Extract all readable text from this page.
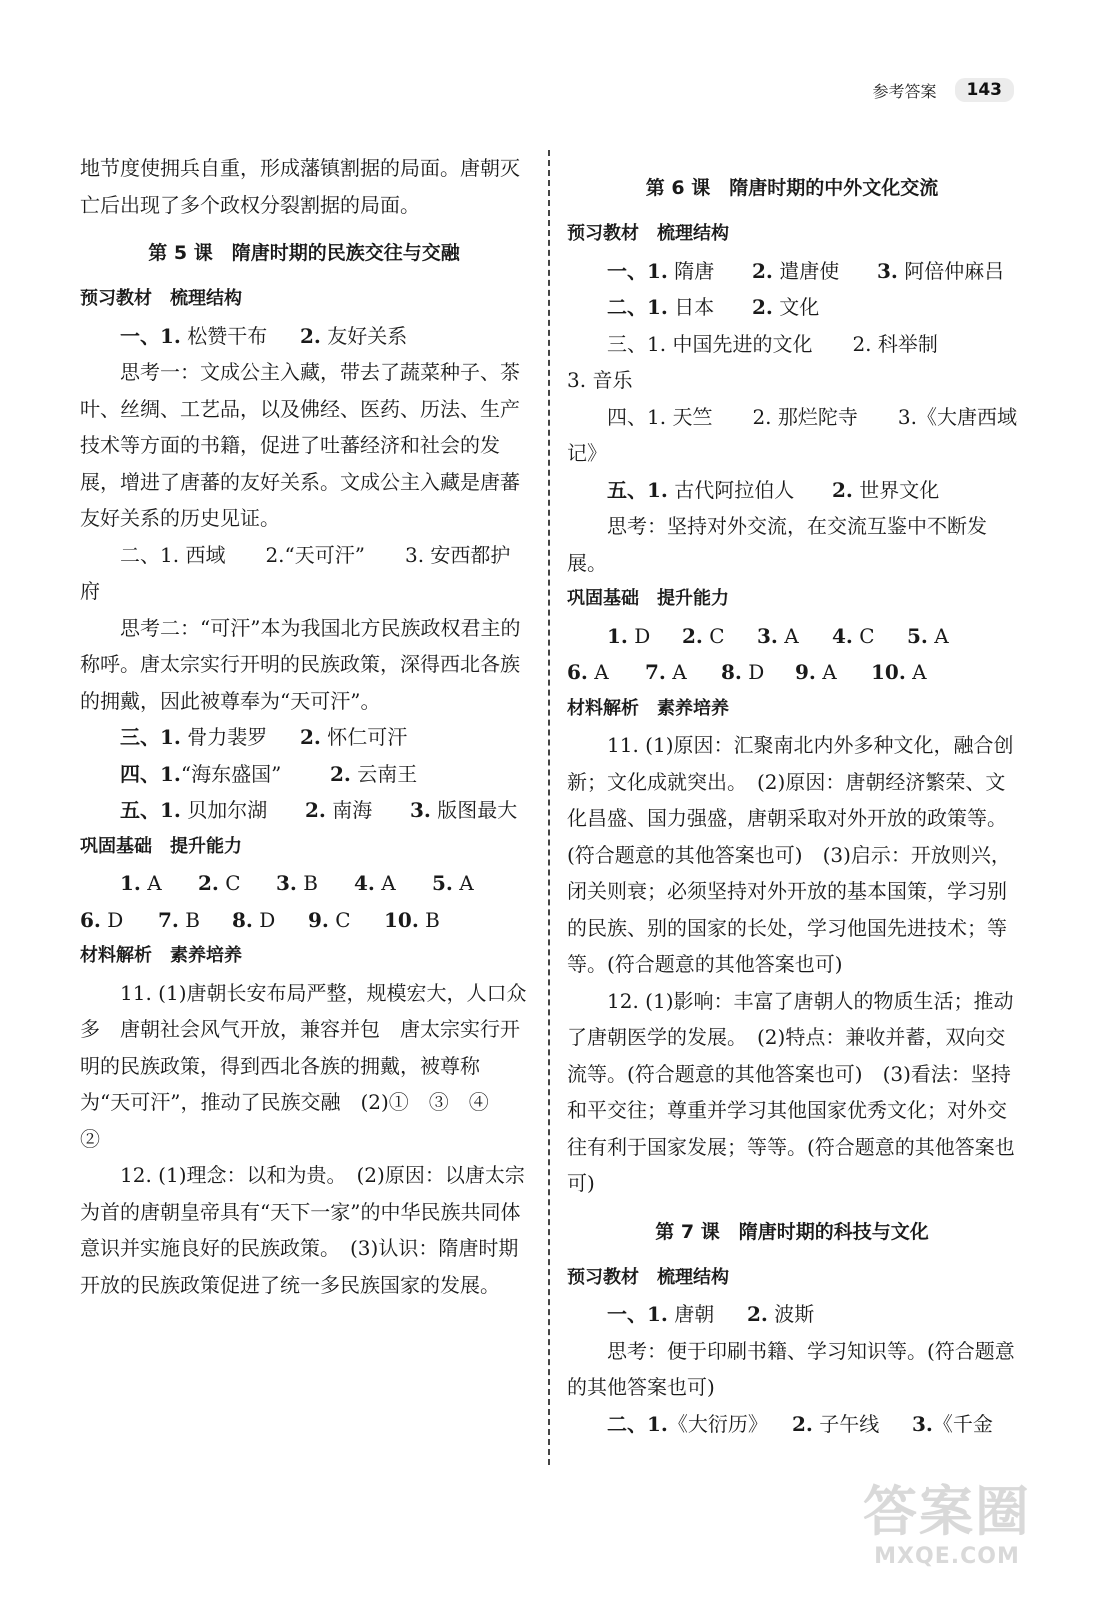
参考答案	143

地节度使拥兵自重，形成藩镇割据的局面。唐朝灭亡后出现了多个政权分裂割据的局面。

第 5 课　隋唐时期的民族交往与交融

预习教材　梳理结构

一、1. 松赞干布	2. 友好关系

思考一：文成公主入藏，带去了蔬菜种子、茶叶、丝绸、工艺品，以及佛经、医药、历法、生产技术等方面的书籍，促进了吐蕃经济和社会的发展，增进了唐蕃的友好关系。文成公主入藏是唐蕃友好关系的历史见证。

二、1. 西域　　2.“天可汗”　　3. 安西都护府

思考二：“可汗”本为我国北方民族政权君主的称呼。唐太宗实行开明的民族政策，深得西北各族的拥戴，因此被尊奉为“天可汗”。

三、1. 骨力裴罗	2. 怀仁可汗
四、1.“海东盛国”	2. 云南王
五、1. 贝加尔湖	2. 南海	3. 版图最大

巩固基础　提升能力

1. A	2. C	3. B	4. A	5. A
6. D	7. B	8. D	9. C	10. B

材料解析　素养培养

11. (1)唐朝长安布局严整，规模宏大，人口众多　唐朝社会风气开放，兼容并包　唐太宗实行开明的民族政策，得到西北各族的拥戴，被尊称为“天可汗”，推动了民族交融　(2)①　③　④　②

12. (1)理念：以和为贵。　(2)原因：以唐太宗为首的唐朝皇帝具有“天下一家”的中华民族共同体意识并实施良好的民族政策。　(3)认识：隋唐时期开放的民族政策促进了统一多民族国家的发展。

第 6 课　隋唐时期的中外文化交流

预习教材　梳理结构

一、1. 隋唐	2. 遣唐使	3. 阿倍仲麻吕
二、1. 日本	2. 文化

三、1. 中国先进的文化　　2. 科举制

3. 音乐

四、1. 天竺　　2. 那烂陀寺　　3.《大唐西域记》

五、1. 古代阿拉伯人	2. 世界文化

思考：坚持对外交流，在交流互鉴中不断发展。

巩固基础　提升能力

1. D	2. C	3. A	4. C	5. A
6. A	7. A	8. D	9. A	10. A

材料解析　素养培养

11. (1)原因：汇聚南北内外多种文化，融合创新；文化成就突出。　(2)原因：唐朝经济繁荣、文化昌盛、国力强盛，唐朝采取对外开放的政策等。(符合题意的其他答案也可)　(3)启示：开放则兴，闭关则衰；必须坚持对外开放的基本国策，学习别的民族、别的国家的长处，学习他国先进技术；等等。(符合题意的其他答案也可)

12. (1)影响：丰富了唐朝人的物质生活；推动了唐朝医学的发展。　(2)特点：兼收并蓄，双向交流等。(符合题意的其他答案也可)　(3)看法：坚持和平交往；尊重并学习其他国家优秀文化；对外交往有利于国家发展；等等。(符合题意的其他答案也可)

第 7 课　隋唐时期的科技与文化

预习教材　梳理结构

一、1. 唐朝	2. 波斯

思考：便于印刷书籍、学习知识等。(符合题意的其他答案也可)

二、1.《大衍历》	2. 子午线	3.《千金
答案圈
MXQE.COM
